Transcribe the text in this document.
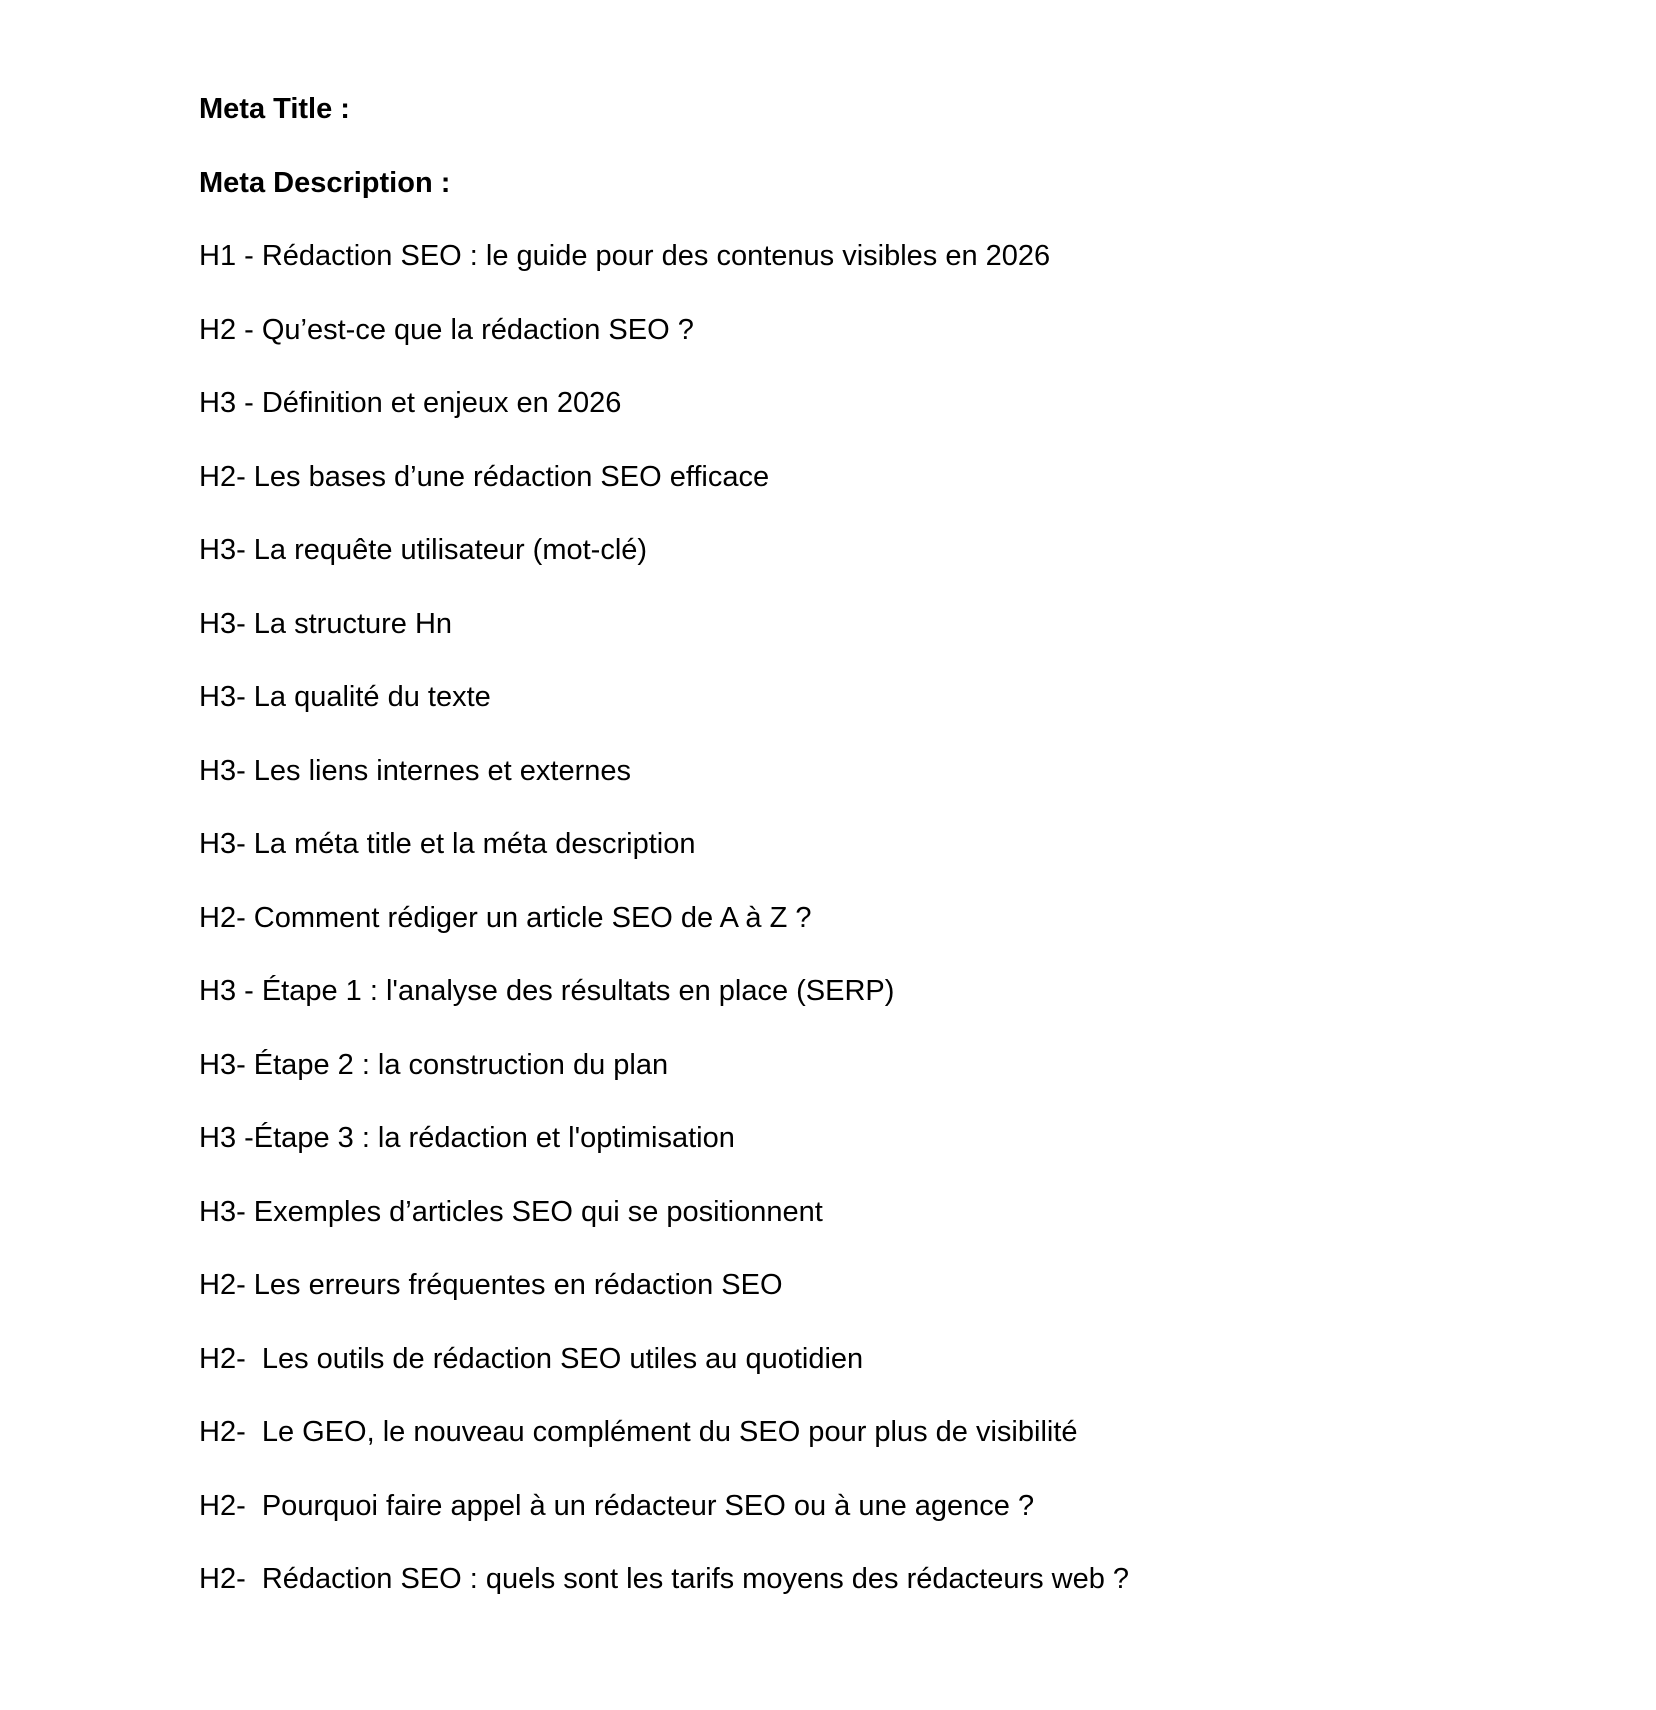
Meta Title :
Meta Description :
H1 - Rédaction SEO : le guide pour des contenus visibles en 2026
H2 - Qu’est-ce que la rédaction SEO ?
H3 - Définition et enjeux en 2026
H2- Les bases d’une rédaction SEO efficace
H3- La requête utilisateur (mot-clé)
H3- La structure Hn
H3- La qualité du texte
H3- Les liens internes et externes
H3- La méta title et la méta description
H2- Comment rédiger un article SEO de A à Z ?
H3 - Étape 1 : l'analyse des résultats en place (SERP)
H3- Étape 2 : la construction du plan
H3 -Étape 3 : la rédaction et l'optimisation
H3- Exemples d’articles SEO qui se positionnent
H2- Les erreurs fréquentes en rédaction SEO
H2-  Les outils de rédaction SEO utiles au quotidien
H2-  Le GEO, le nouveau complément du SEO pour plus de visibilité
H2-  Pourquoi faire appel à un rédacteur SEO ou à une agence ?
H2-  Rédaction SEO : quels sont les tarifs moyens des rédacteurs web ?
